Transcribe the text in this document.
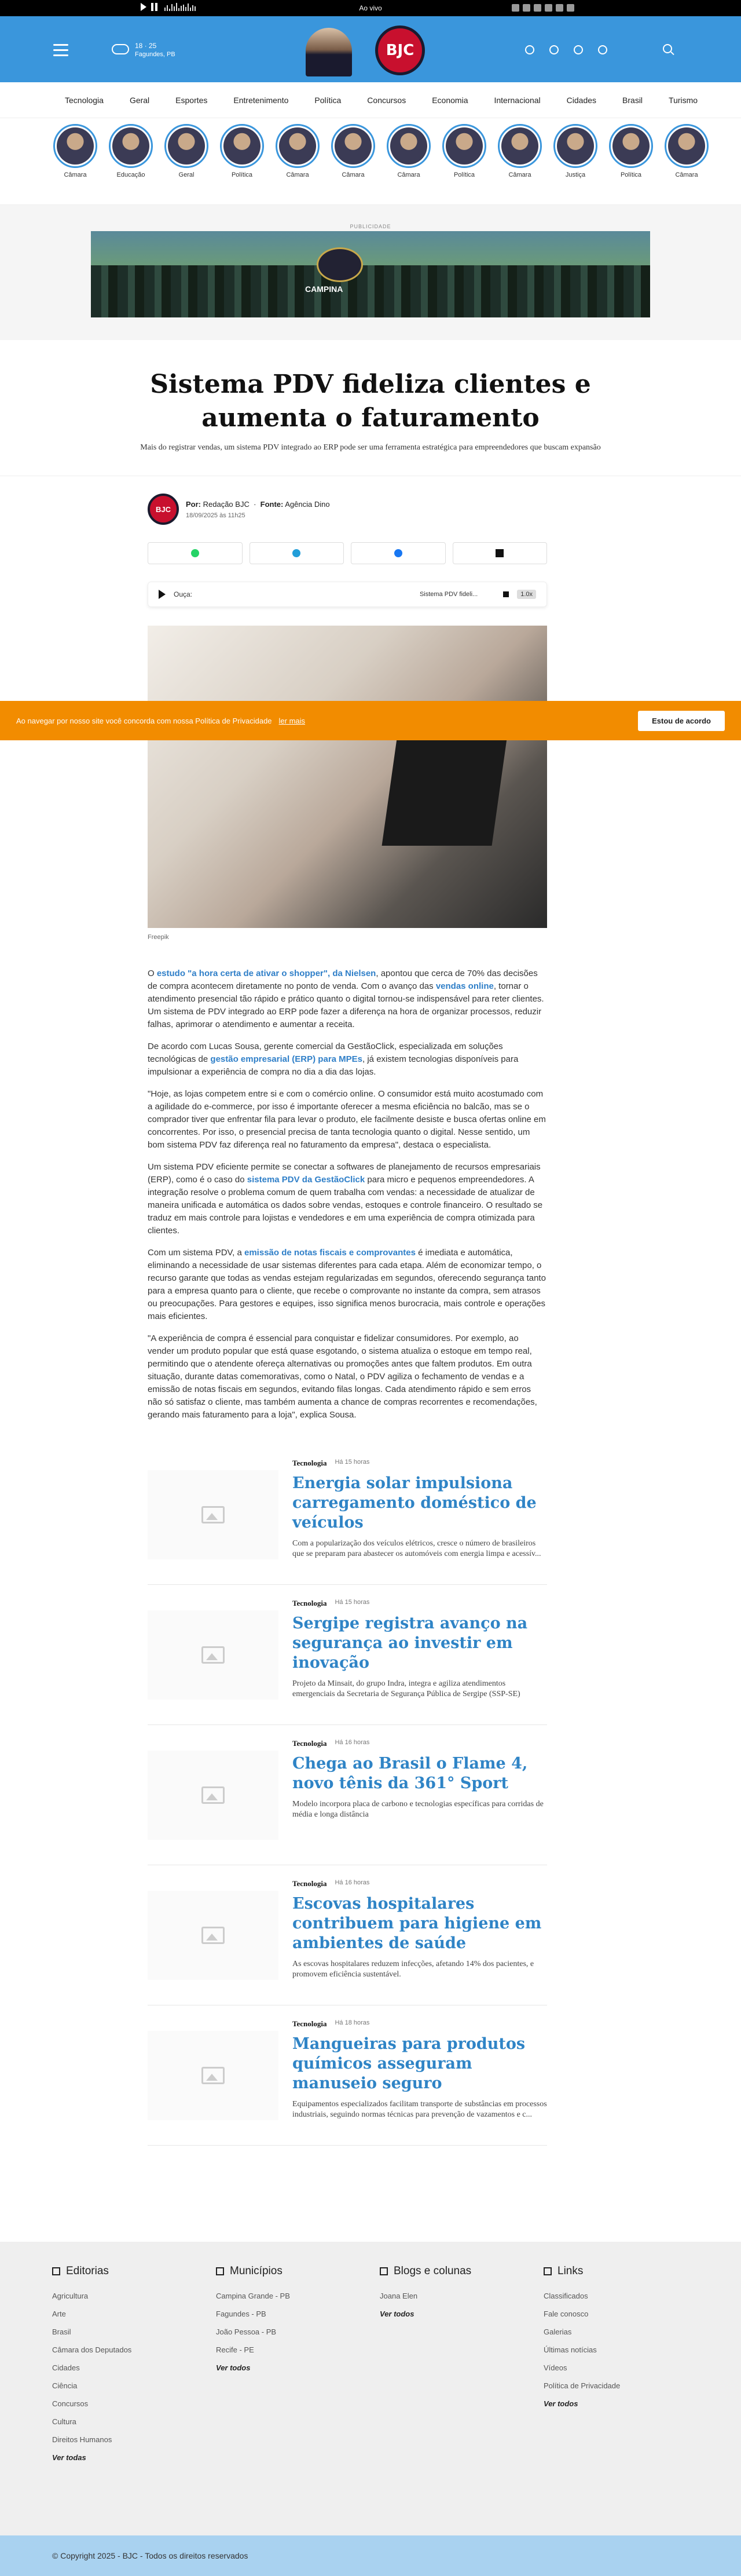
Ao vivo
18 · 25
Fagundes, PB	BJC
Tecnologia	Geral	Esportes	Entretenimento	Política	Concursos	Economia	Internacional	Cidades	Brasil	Turismo
Câmara	Educação	Geral	Política	Câmara	Câmara	Câmara	Política	Câmara	Justiça	Política	Câmara
PUBLICIDADE
CAMPINA
Sistema PDV fideliza clientes e aumenta o faturamento

Mais do registrar vendas, um sistema PDV integrado ao ERP pode ser uma ferramenta estratégica para empreendedores que buscam expansão

BJC
Por: Redação BJC  ·  Fonte: Agência Dino
18/09/2025 às 11h25
Ouça:	Sistema PDV fideli...	1.0x
Freepik

O estudo "a hora certa de ativar o shopper", da Nielsen, apontou que cerca de 70% das decisões de compra acontecem diretamente no ponto de venda. Com o avanço das vendas online, tornar o atendimento presencial tão rápido e prático quanto o digital tornou-se indispensável para reter clientes. Um sistema de PDV integrado ao ERP pode fazer a diferença na hora de organizar processos, reduzir falhas, aprimorar o atendimento e aumentar a receita.

De acordo com Lucas Sousa, gerente comercial da GestãoClick, especializada em soluções tecnológicas de gestão empresarial (ERP) para MPEs, já existem tecnologias disponíveis para impulsionar a experiência de compra no dia a dia das lojas.

"Hoje, as lojas competem entre si e com o comércio online. O consumidor está muito acostumado com a agilidade do e-commerce, por isso é importante oferecer a mesma eficiência no balcão, mas se o comprador tiver que enfrentar fila para levar o produto, ele facilmente desiste e busca ofertas online em concorrentes. Por isso, o presencial precisa de tanta tecnologia quanto o digital. Nesse sentido, um bom sistema PDV faz diferença real no faturamento da empresa", destaca o especialista.

Um sistema PDV eficiente permite se conectar a softwares de planejamento de recursos empresariais (ERP), como é o caso do sistema PDV da GestãoClick para micro e pequenos empreendedores. A integração resolve o problema comum de quem trabalha com vendas: a necessidade de atualizar de maneira unificada e automática os dados sobre vendas, estoques e controle financeiro. O resultado se traduz em mais controle para lojistas e vendedores e em uma experiência de compra otimizada para clientes.

Com um sistema PDV, a emissão de notas fiscais e comprovantes é imediata e automática, eliminando a necessidade de usar sistemas diferentes para cada etapa. Além de economizar tempo, o recurso garante que todas as vendas estejam regularizadas em segundos, oferecendo segurança tanto para a empresa quanto para o cliente, que recebe o comprovante no instante da compra, sem atrasos ou preocupações. Para gestores e equipes, isso significa menos burocracia, mais controle e operações mais eficientes.

"A experiência de compra é essencial para conquistar e fidelizar consumidores. Por exemplo, ao vender um produto popular que está quase esgotando, o sistema atualiza o estoque em tempo real, permitindo que o atendente ofereça alternativas ou promoções antes que faltem produtos. Em outra situação, durante datas comemorativas, como o Natal, o PDV agiliza o fechamento de vendas e a emissão de notas fiscais em segundos, evitando filas longas. Cada atendimento rápido e sem erros não só satisfaz o cliente, mas também aumenta a chance de compras recorrentes e recomendações, gerando mais faturamento para a loja", explica Sousa.

Tecnologia Há 15 horas
Energia solar impulsiona carregamento doméstico de veículos
Com a popularização dos veículos elétricos, cresce o número de brasileiros que se preparam para abastecer os automóveis com energia limpa e acessív...
Tecnologia Há 15 horas
Sergipe registra avanço na segurança ao investir em inovação
Projeto da Minsait, do grupo Indra, integra e agiliza atendimentos emergenciais da Secretaria de Segurança Pública de Sergipe (SSP-SE)
Tecnologia Há 16 horas
Chega ao Brasil o Flame 4, novo tênis da 361° Sport
Modelo incorpora placa de carbono e tecnologias específicas para corridas de média e longa distância
Tecnologia Há 16 horas
Escovas hospitalares contribuem para higiene em ambientes de saúde
As escovas hospitalares reduzem infecções, afetando 14% dos pacientes, e promovem eficiência sustentável.
Tecnologia Há 18 horas
Mangueiras para produtos químicos asseguram manuseio seguro
Equipamentos especializados facilitam transporte de substâncias em processos industriais, seguindo normas técnicas para prevenção de vazamentos e c...
Ao navegar por nosso site você concorda com nossa Política de Privacidade ler mais	Estou de acordo
Editorias
Agricultura
Arte
Brasil
Câmara dos Deputados
Cidades
Ciência
Concursos
Cultura
Direitos Humanos
Ver todas
Municípios
Campina Grande - PB
Fagundes - PB
João Pessoa - PB
Recife - PE
Ver todos
Blogs e colunas
Joana Elen
Ver todos
Links
Classificados
Fale conosco
Galerias
Últimas notícias
Vídeos
Política de Privacidade
Ver todos
© Copyright 2025 - BJC - Todos os direitos reservados
